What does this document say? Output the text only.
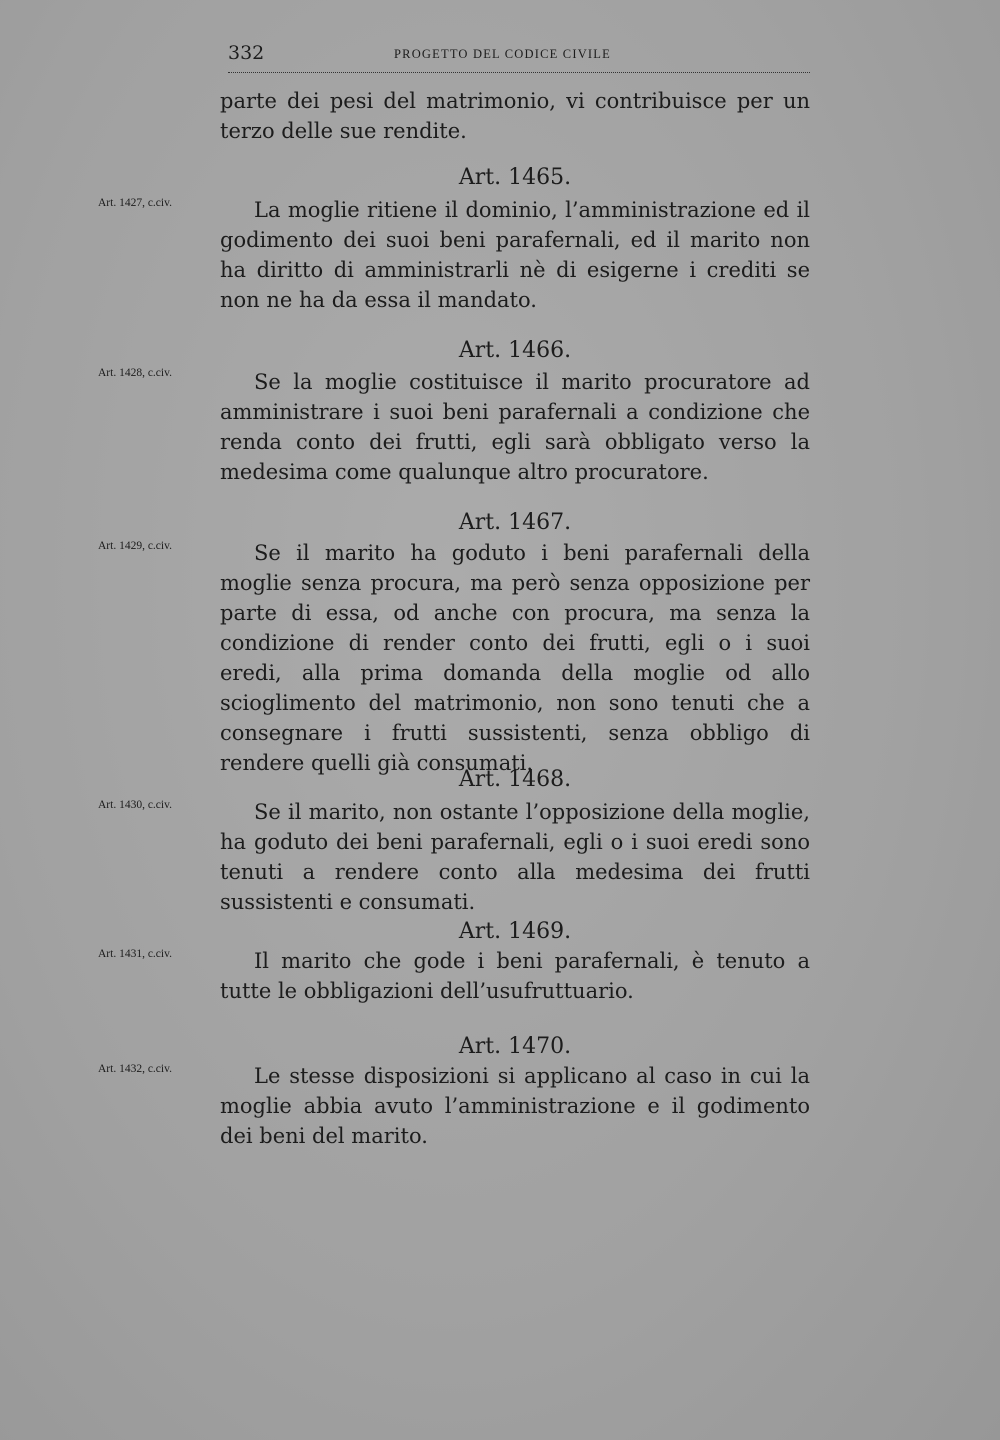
332	PROGETTO DEL CODICE CIVILE

parte dei pesi del matrimonio, vi contribuisce per un terzo delle sue rendite.

Art. 1465.

Art. 1427, c.civ.	La moglie ritiene il dominio, l’amministrazione ed il godimento dei suoi beni parafernali, ed il marito non ha diritto di amministrarli nè di esigerne i crediti se non ne ha da essa il mandato.

Art. 1466.

Art. 1428, c.civ.	Se la moglie costituisce il marito procuratore ad amministrare i suoi beni parafernali a condizione che renda conto dei frutti, egli sarà obbligato verso la medesima come qualunque altro procuratore.

Art. 1467.

Art. 1429, c.civ.	Se il marito ha goduto i beni parafernali della moglie senza procura, ma però senza opposizione per parte di essa, od anche con procura, ma senza la condizione di render conto dei frutti, egli o i suoi eredi, alla prima domanda della moglie od allo scioglimento del matrimonio, non sono tenuti che a consegnare i frutti sussistenti, senza obbligo di rendere quelli già consumati.

Art. 1468.

Art. 1430, c.civ.	Se il marito, non ostante l’opposizione della moglie, ha goduto dei beni parafernali, egli o i suoi eredi sono tenuti a rendere conto alla medesima dei frutti sussistenti e consumati.

Art. 1469.

Art. 1431, c.civ.	Il marito che gode i beni parafernali, è tenuto a tutte le obbligazioni dell’usufruttuario.

Art. 1470.

Art. 1432, c.civ.	Le stesse disposizioni si applicano al caso in cui la moglie abbia avuto l’amministrazione e il godimento dei beni del marito.
